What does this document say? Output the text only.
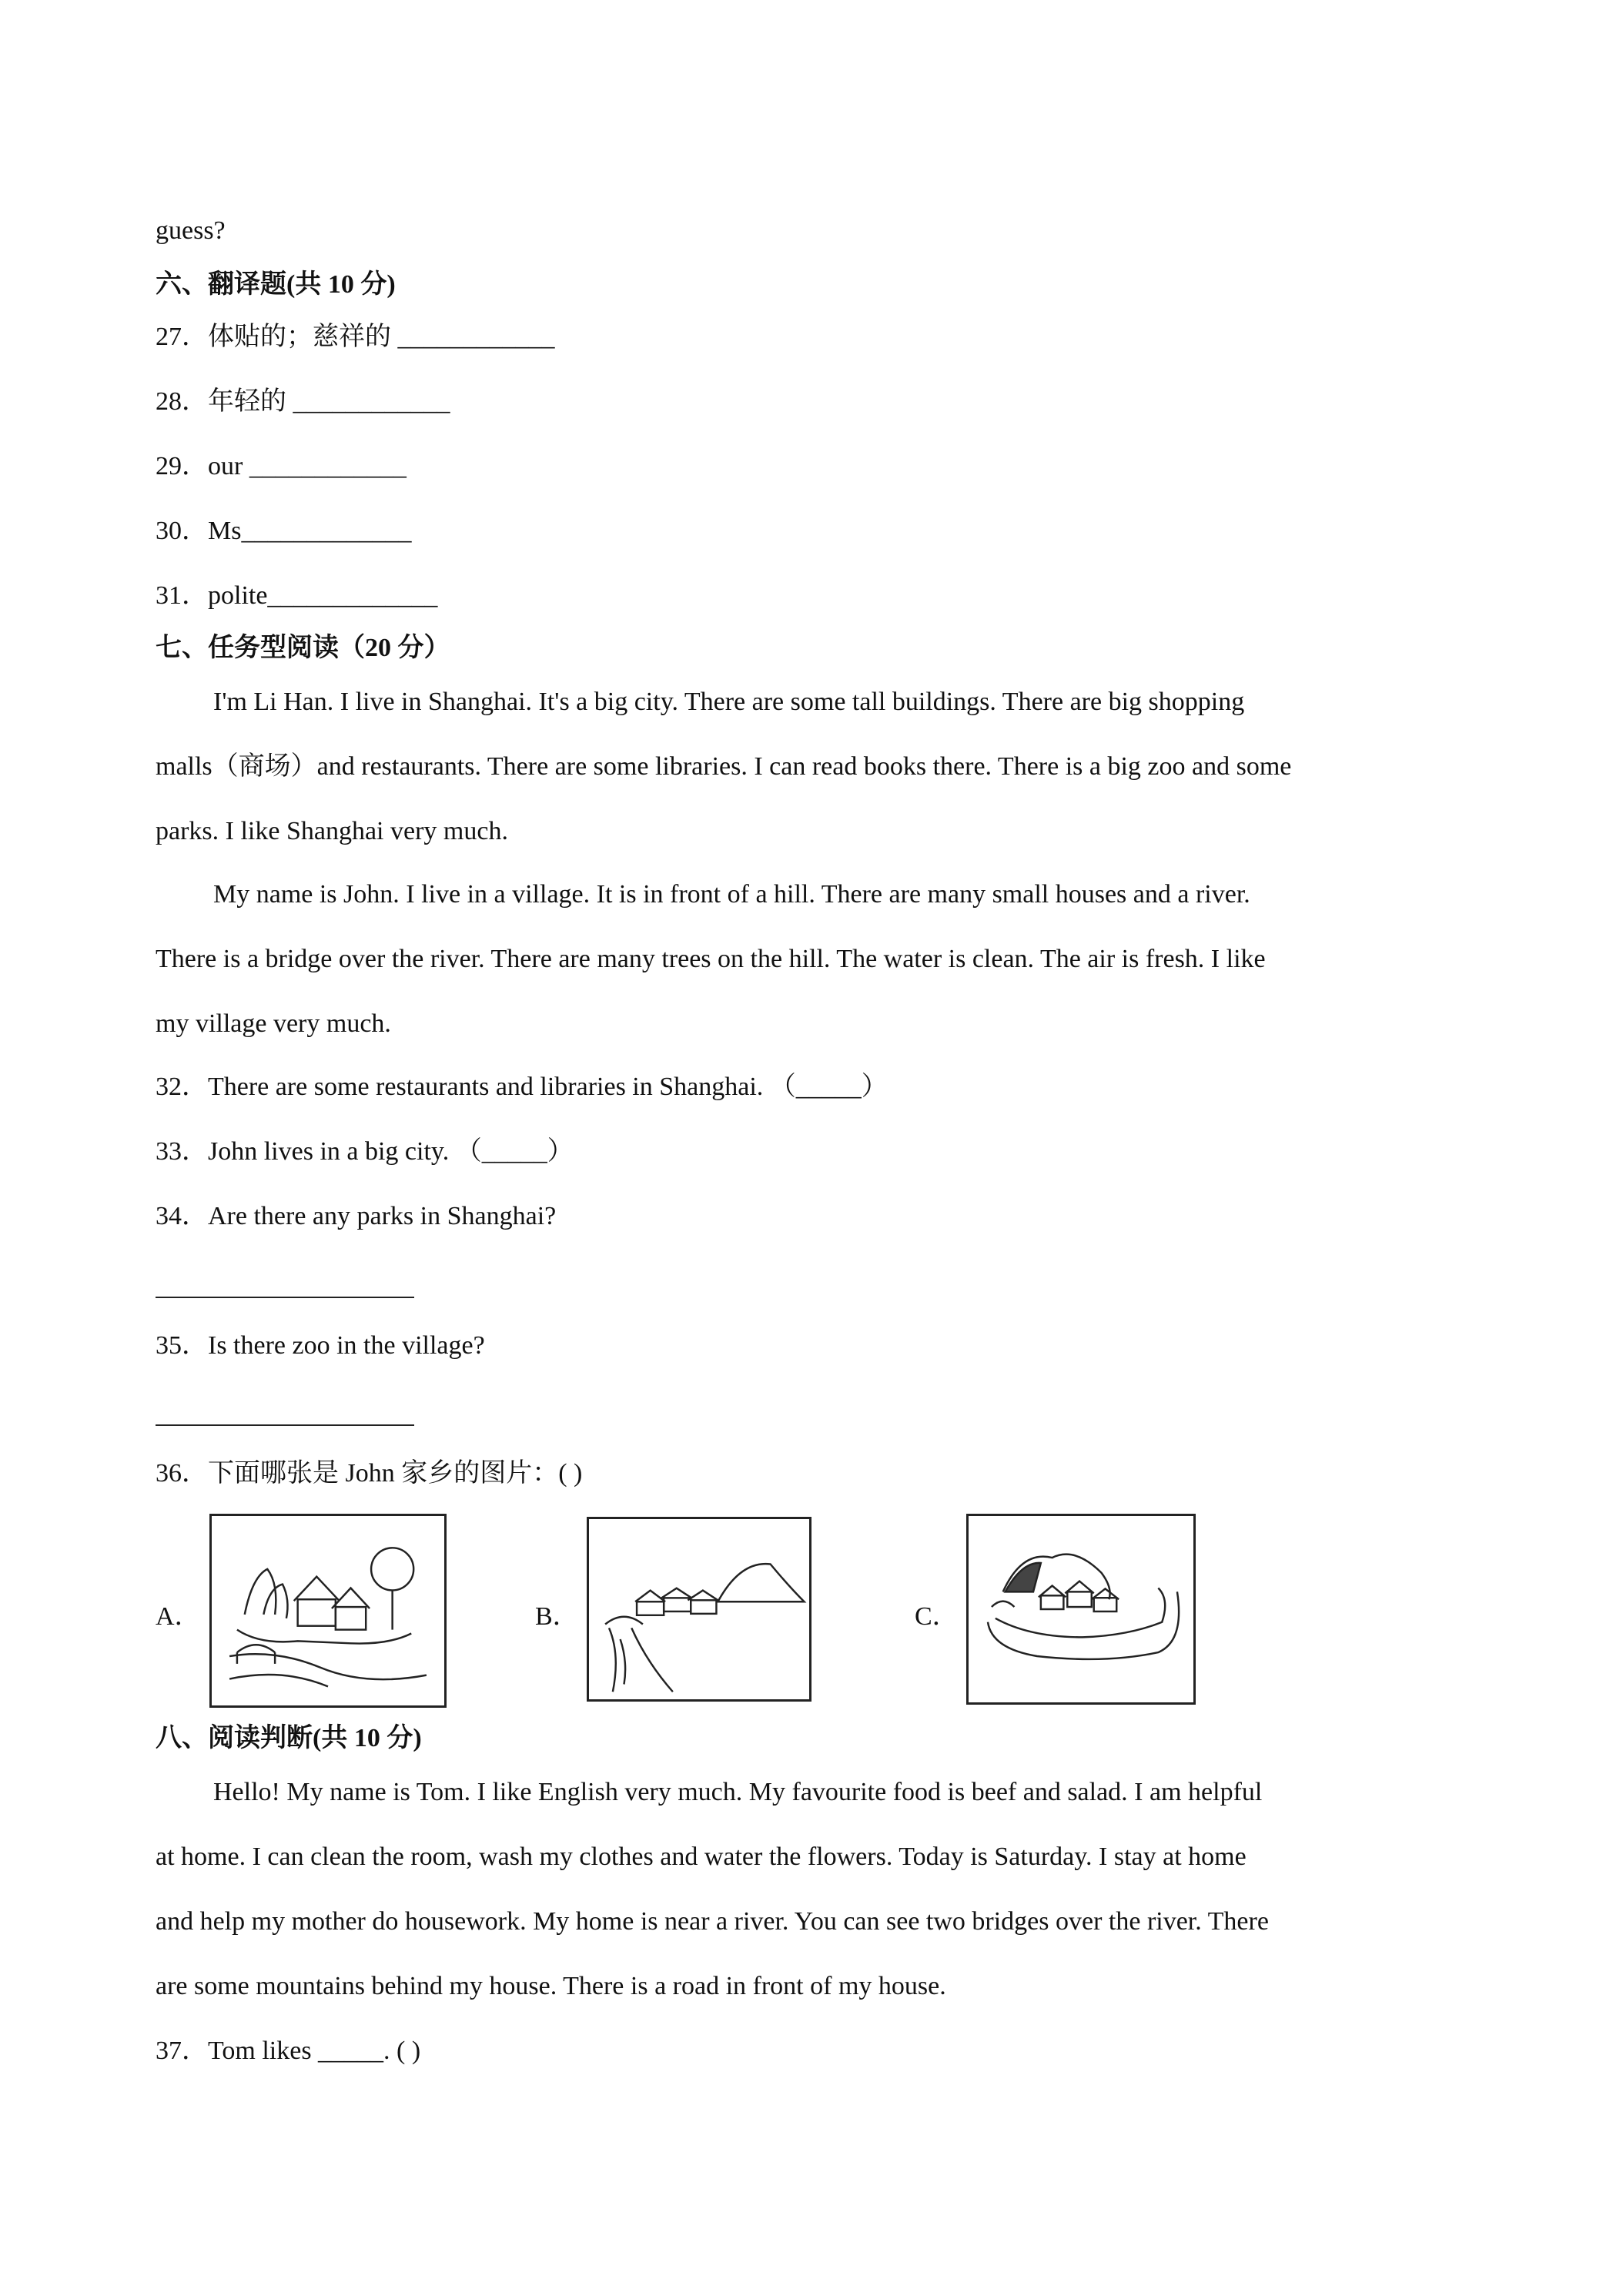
guess?
六、翻译题(共 10 分)
27．体贴的；慈祥的 ____________
28．年轻的 ____________
29．our ____________
30．Ms_____________
31．polite_____________
七、任务型阅读（20 分）
I'm Li Han. I live in Shanghai. It's a big city. There are some tall buildings. There are big shopping
malls（商场）and restaurants. There are some libraries. I can read books there. There is a big zoo and some
parks. I like Shanghai very much.
My name is John. I live in a village. It is in front of a hill. There are many small houses and a river.
There is a bridge over the river. There are many trees on the hill. The water is clean. The air is fresh. I like
my village very much.
32．There are some restaurants and libraries in Shanghai. （_____）
33．John lives in a big city. （_____）
34．Are there any parks in Shanghai?
35．Is there zoo in the village?
36．下面哪张是 John 家乡的图片：( )
A．	B．	C．
八、阅读判断(共 10 分)
Hello! My name is Tom. I like English very much. My favourite food is beef and salad. I am helpful
at home. I can clean the room, wash my clothes and water the flowers. Today is Saturday. I stay at home
and help my mother do housework. My home is near a river. You can see two bridges over the river. There
are some mountains behind my house. There is a road in front of my house.
37．Tom likes _____. ( )
